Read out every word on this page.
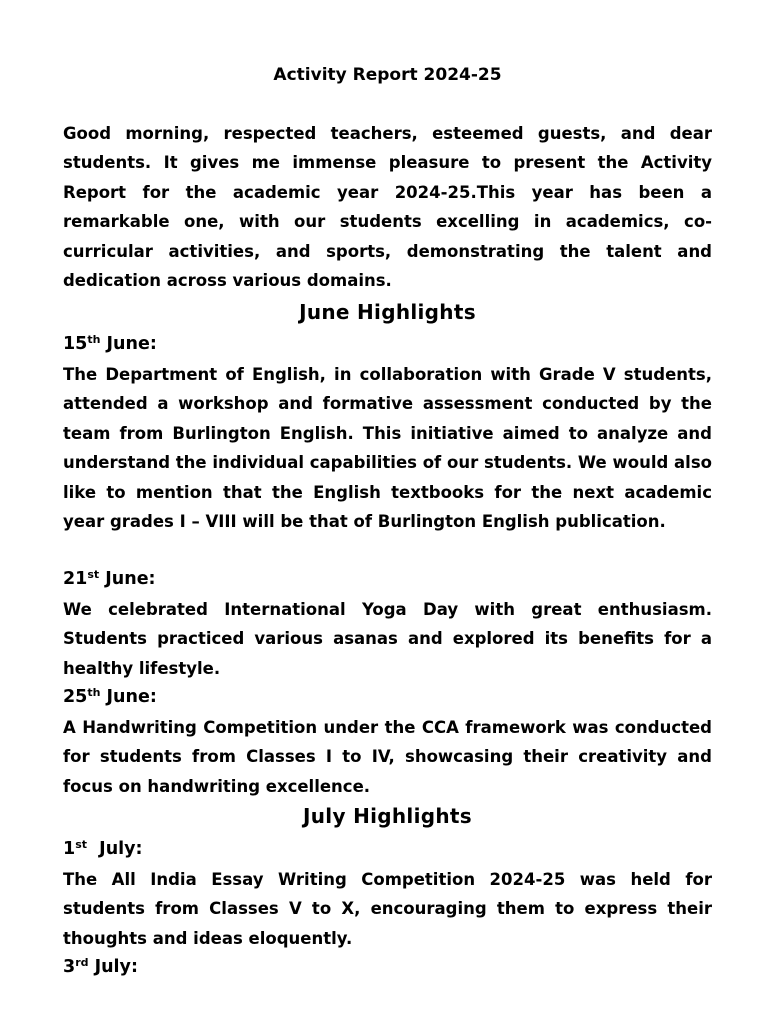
Activity Report 2024-25

Good morning, respected teachers, esteemed guests, and dear students. It gives me immense pleasure to present the Activity Report for the academic year 2024-25.This year has been a remarkable one, with our students excelling in academics, co-curricular activities, and sports, demonstrating the talent and dedication across various domains.

June Highlights
15th June:

The Department of English, in collaboration with Grade V students, attended a workshop and formative assessment conducted by the team from Burlington English. This initiative aimed to analyze and understand the individual capabilities of our students. We would also like to mention that the English textbooks for the next academic year grades I – VIII will be that of Burlington English publication.

21st June:

We celebrated International Yoga Day with great enthusiasm. Students practiced various asanas and explored its benefits for a healthy lifestyle.

25th June:

A Handwriting Competition under the CCA framework was conducted for students from Classes I to IV, showcasing their creativity and focus on handwriting excellence.

July Highlights
1st  July:

The All India Essay Writing Competition 2024-25 was held for students from Classes V to X, encouraging them to express their thoughts and ideas eloquently.

3rd July:
